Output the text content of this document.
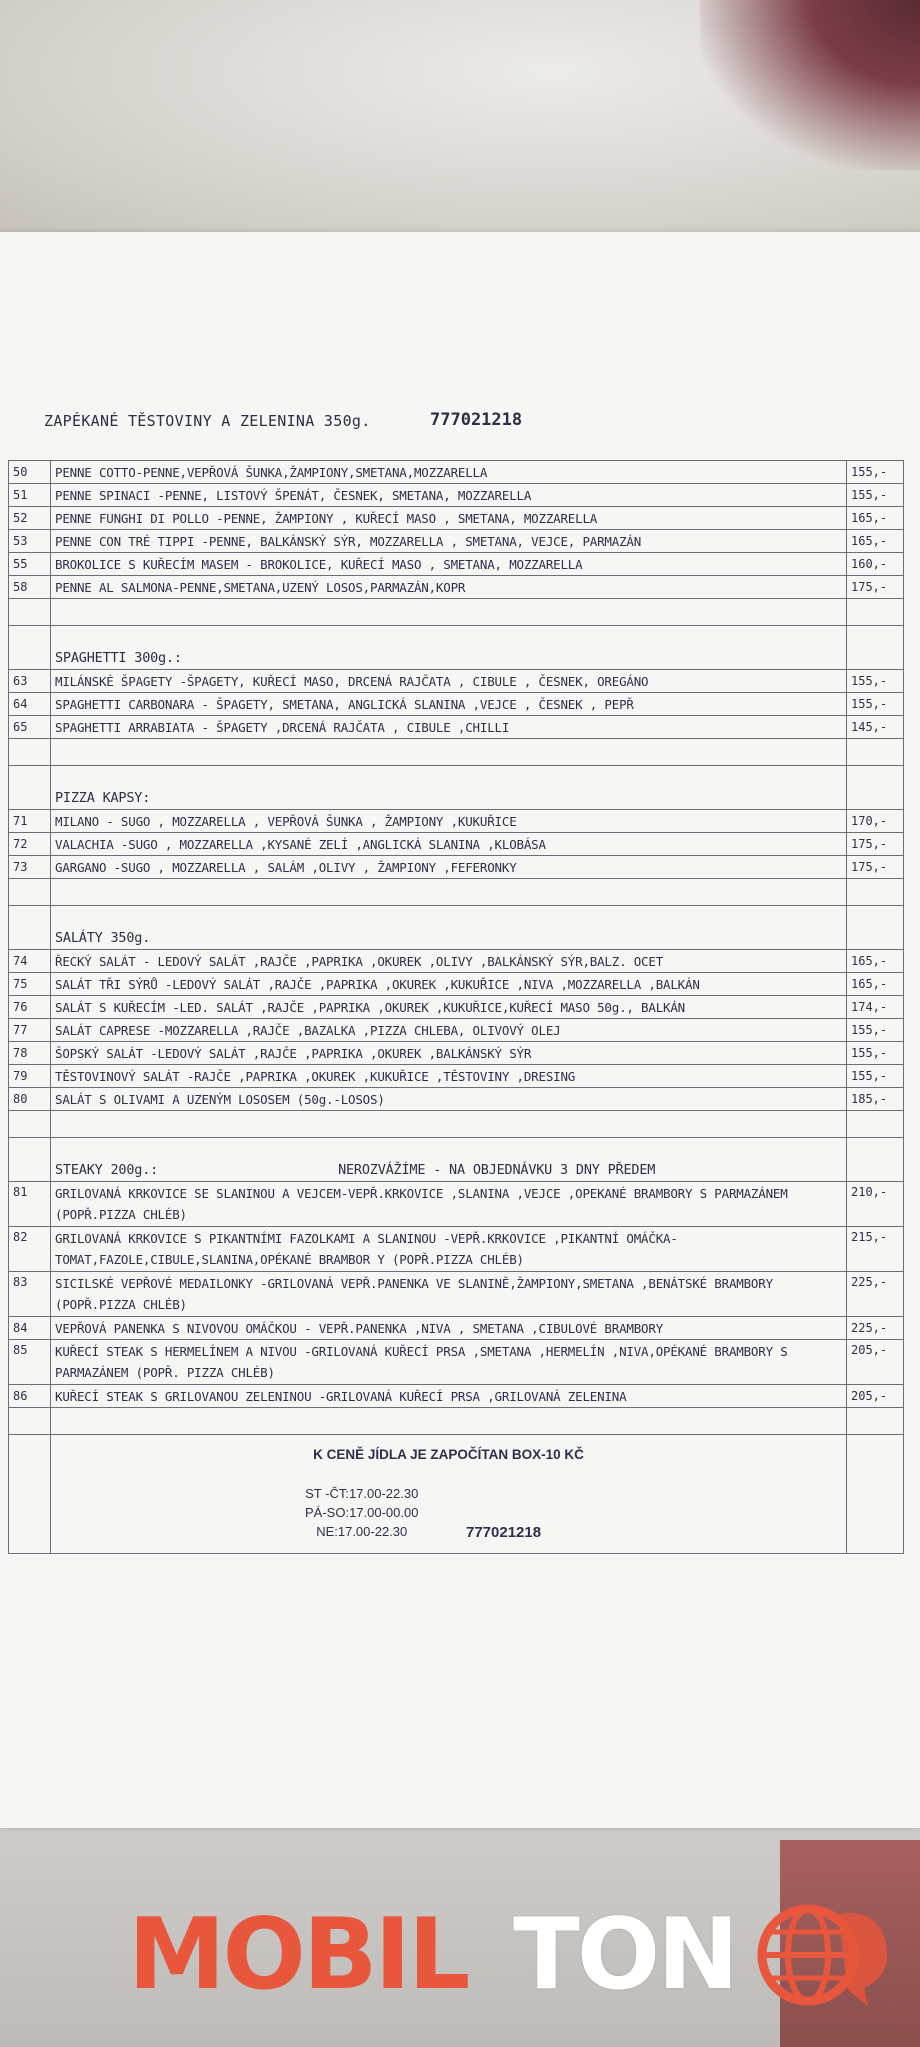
ZAPÉKANÉ TĚSTOVINY A ZELENINA 350g.	777021218
50	PENNE COTTO-PENNE,VEPŘOVÁ ŠUNKA,ŽAMPIONY,SMETANA,MOZZARELLA	155,-
51	PENNE SPINACI -PENNE, LISTOVÝ ŠPENÁT, ČESNEK, SMETANA, MOZZARELLA	155,-
52	PENNE FUNGHI DI POLLO -PENNE, ŽAMPIONY , KUŘECÍ MASO , SMETANA, MOZZARELLA	165,-
53	PENNE CON TRÉ TIPPI -PENNE, BALKÁNSKÝ SÝR, MOZZARELLA , SMETANA, VEJCE, PARMAZÁN	165,-
55	BROKOLICE S KUŘECÍM MASEM - BROKOLICE, KUŘECÍ MASO , SMETANA, MOZZARELLA	160,-
58	PENNE AL SALMONA-PENNE,SMETANA,UZENÝ LOSOS,PARMAZÁN,KOPR	175,-

	SPAGHETTI 300g.:	
63	MILÁNSKÉ ŠPAGETY -ŠPAGETY, KUŘECÍ MASO, DRCENÁ RAJČATA , CIBULE , ČESNEK, OREGÁNO	155,-
64	SPAGHETTI CARBONARA - ŠPAGETY, SMETANA, ANGLICKÁ SLANINA ,VEJCE , ČESNEK , PEPŘ	155,-
65	SPAGHETTI ARRABIATA - ŠPAGETY ,DRCENÁ RAJČATA , CIBULE ,CHILLI	145,-

	PIZZA KAPSY:	
71	MILANO - SUGO , MOZZARELLA , VEPŘOVÁ ŠUNKA , ŽAMPIONY ,KUKUŘICE	170,-
72	VALACHIA -SUGO , MOZZARELLA ,KYSANÉ ZELÍ ,ANGLICKÁ SLANINA ,KLOBÁSA	175,-
73	GARGANO -SUGO , MOZZARELLA , SALÁM ,OLIVY , ŽAMPIONY ,FEFERONKY	175,-

	SALÁTY 350g.	
74	ŘECKÝ SALÁT - LEDOVÝ SALÁT ,RAJČE ,PAPRIKA ,OKUREK ,OLIVY ,BALKÁNSKÝ SÝR,BALZ. OCET	165,-
75	SALÁT TŘI SÝRŮ -LEDOVÝ SALÁT ,RAJČE ,PAPRIKA ,OKUREK ,KUKUŘICE ,NIVA ,MOZZARELLA ,BALKÁN	165,-
76	SALÁT S KUŘECÍM -LED. SALÁT ,RAJČE ,PAPRIKA ,OKUREK ,KUKUŘICE,KUŘECÍ MASO 50g., BALKÁN	174,-
77	SALÁT CAPRESE -MOZZARELLA ,RAJČE ,BAZALKA ,PIZZA CHLEBA, OLIVOVÝ OLEJ	155,-
78	ŠOPSKÝ SALÁT -LEDOVÝ SALÁT ,RAJČE ,PAPRIKA ,OKUREK ,BALKÁNSKÝ SÝR	155,-
79	TĚSTOVINOVÝ SALÁT -RAJČE ,PAPRIKA ,OKUREK ,KUKUŘICE ,TĚSTOVINY ,DRESING	155,-
80	SALÁT S OLIVAMI A UZENÝM LOSOSEM (50g.-LOSOS)	185,-

	STEAKY 200g.: NEROZVÁŽÍME - NA OBJEDNÁVKU 3 DNY PŘEDEM	
81	GRILOVANÁ KRKOVICE SE SLANINOU A VEJCEM-VEPŘ.KRKOVICE ,SLANINA ,VEJCE ,OPEKANÉ BRAMBORY S PARMAZÁNEM (POPŘ.PIZZA CHLÉB)	210,-
82	GRILOVANÁ KRKOVICE S PIKANTNÍMI FAZOLKAMI A SLANINOU -VEPŘ.KRKOVICE ,PIKANTNÍ OMÁČKA-TOMAT,FAZOLE,CIBULE,SLANINA,OPÉKANÉ BRAMBOR Y (POPŘ.PIZZA CHLÉB)	215,-
83	SICILSKÉ VEPŘOVÉ MEDAILONKY -GRILOVANÁ VEPŘ.PANENKA VE SLANINĚ,ŽAMPIONY,SMETANA ,BENÁTSKÉ BRAMBORY (POPŘ.PIZZA CHLÉB)	225,-
84	VEPŘOVÁ PANENKA S NIVOVOU OMÁČKOU - VEPŘ.PANENKA ,NIVA , SMETANA ,CIBULOVÉ BRAMBORY	225,-
85	KUŘECÍ STEAK S HERMELÍNEM A NIVOU -GRILOVANÁ KUŘECÍ PRSA ,SMETANA ,HERMELÍN ,NIVA,OPÉKANÉ BRAMBORY S PARMAZÁNEM (POPŘ. PIZZA CHLÉB)	205,-
86	KUŘECÍ STEAK S GRILOVANOU ZELENINOU -GRILOVANÁ KUŘECÍ PRSA ,GRILOVANÁ ZELENINA	205,-

	K CENĚ JÍDLA JE ZAPOČÍTAN BOX-10 KČ
ST -ČT:17.00-22.30
PÁ-SO:17.00-00.00
NE:17.00-22.30 777021218	
MOBIL TON
